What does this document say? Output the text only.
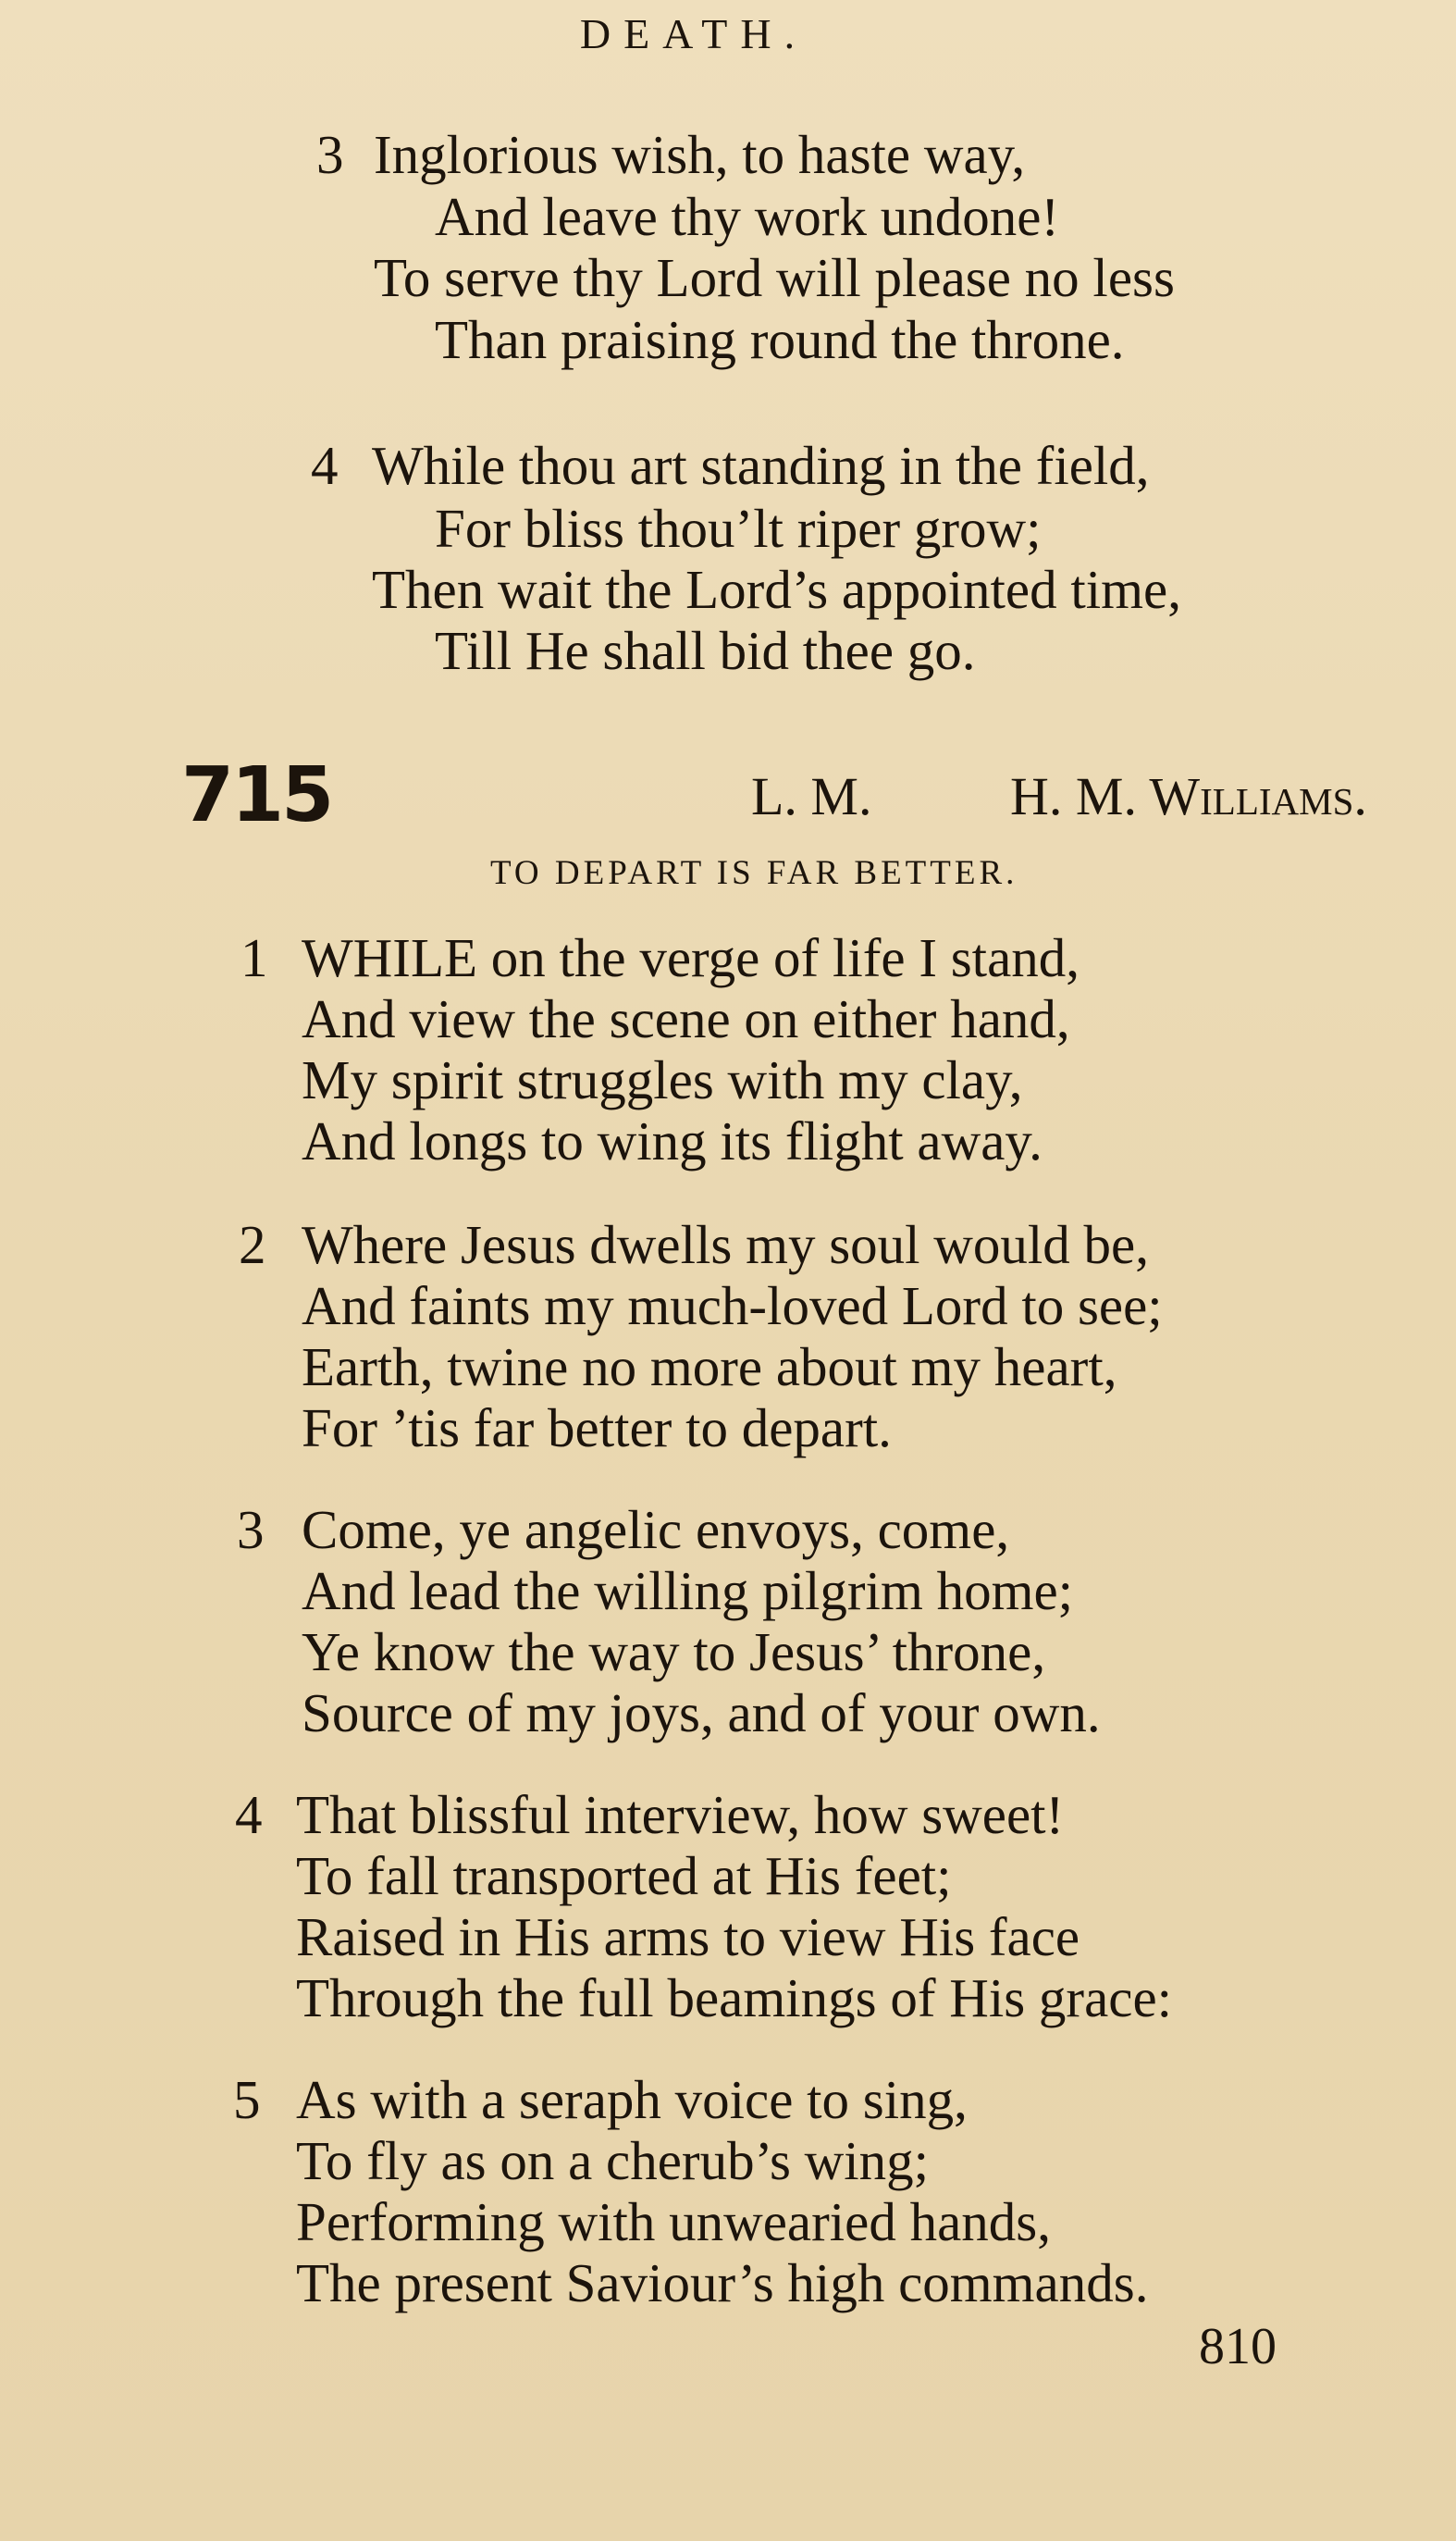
DEATH.
3 Inglorious wish, to haste way,
And leave thy work undone!
To serve thy Lord will please no less
Than praising round the throne.
4 While thou art standing in the field,
For bliss thou’lt riper grow;
Then wait the Lord’s appointed time,
Till He shall bid thee go.
715	L. M.	H. M. Williams.
TO DEPART IS FAR BETTER.
1 WHILE on the verge of life I stand,
And view the scene on either hand,
My spirit struggles with my clay,
And longs to wing its flight away.
2 Where Jesus dwells my soul would be,
And faints my much-loved Lord to see;
Earth, twine no more about my heart,
For ’tis far better to depart.
3 Come, ye angelic envoys, come,
And lead the willing pilgrim home;
Ye know the way to Jesus’ throne,
Source of my joys, and of your own.
4 That blissful interview, how sweet!
To fall transported at His feet;
Raised in His arms to view His face
Through the full beamings of His grace:
5 As with a seraph voice to sing,
To fly as on a cherub’s wing;
Performing with unwearied hands,
The present Saviour’s high commands.
810
